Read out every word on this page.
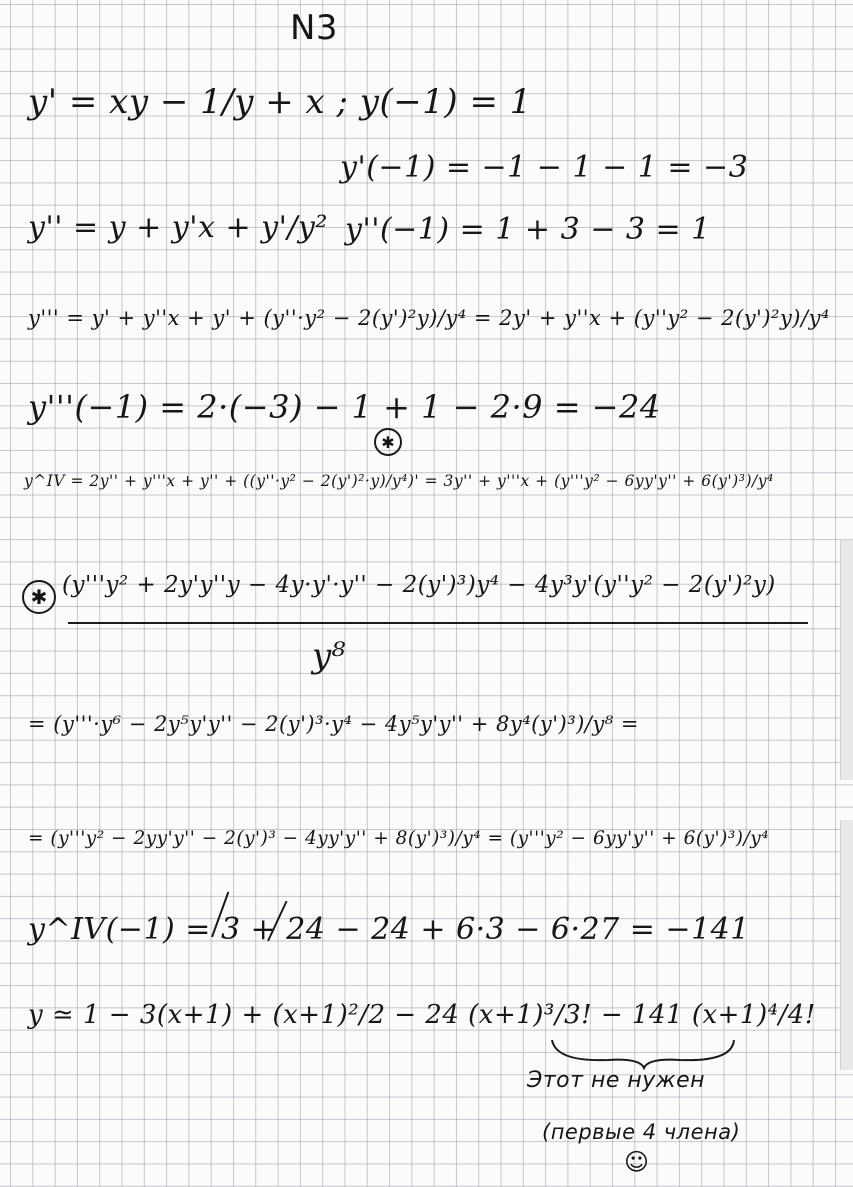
N3
y' = xy − 1/y + x ; y(−1) = 1
y'(−1) = −1 − 1 − 1 = −3
y'' = y + y'x + y'/y² y''(−1) = 1 + 3 − 3 = 1
y''' = y' + y''x + y' + (y''·y² − 2(y')²y)/y⁴ = 2y' + y''x + (y''y² − 2(y')²y)/y⁴
y'''(−1) = 2·(−3) − 1 + 1 − 2·9 = −24
y^IV = 2y'' + y'''x + y'' + ((y''·y² − 2(y')²·y)/y⁴)' = 3y'' + y'''x + (y'''y² − 6yy'y'' + 6(y')³)/y⁴
✱
✱ (y'''y² + 2y'y''y − 4y·y'·y'' − 2(y')³)y⁴ − 4y³y'(y''y² − 2(y')²y)
y⁸
= (y'''·y⁶ − 2y⁵y'y'' − 2(y')³·y⁴ − 4y⁵y'y'' + 8y⁴(y')³)/y⁸ =
= (y'''y² − 2yy'y'' − 2(y')³ − 4yy'y'' + 8(y')³)/y⁴ = (y'''y² − 6yy'y'' + 6(y')³)/y⁴
y^IV(−1) = 3 + 24 − 24 + 6·3 − 6·27 = −141
y ≃ 1 − 3(x+1) + (x+1)²/2 − 24 (x+1)³/3! − 141 (x+1)⁴/4!
Этот не нужен
(первые 4 члена)
☺
